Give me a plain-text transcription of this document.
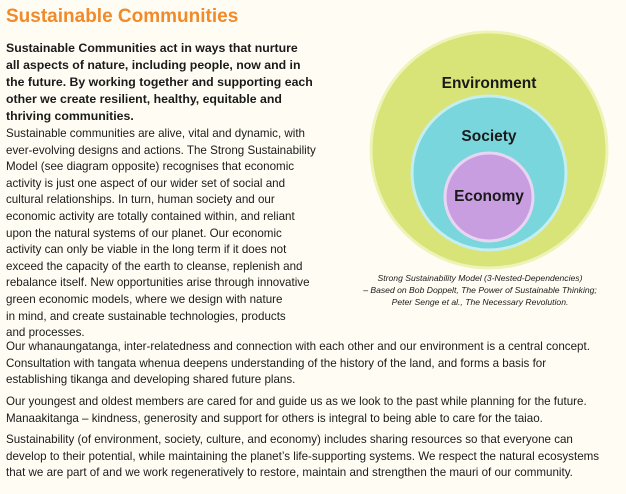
Sustainable Communities
Sustainable Communities act in ways that nurture
all aspects of nature, including people, now and in
the future. By working together and supporting each
other we create resilient, healthy, equitable and
thriving communities.
Sustainable communities are alive, vital and dynamic, with
ever-evolving designs and actions. The Strong Sustainability
Model (see diagram opposite) recognises that economic
activity is just one aspect of our wider set of social and
cultural relationships. In turn, human society and our
economic activity are totally contained within, and reliant
upon the natural systems of our planet. Our economic
activity can only be viable in the long term if it does not
exceed the capacity of the earth to cleanse, replenish and
rebalance itself. New opportunities arise through innovative
green economic models, where we design with nature
in mind, and create sustainable technologies, products
and processes.
Environment
Society
Economy
Strong Sustainability Model (3-Nested-Dependencies)
– Based on Bob Doppelt, The Power of Sustainable Thinking;
Peter Senge et al., The Necessary Revolution.
Our whanaungatanga, inter-relatedness and connection with each other and our environment is a central concept.
Consultation with tangata whenua deepens understanding of the history of the land, and forms a basis for
establishing tikanga and developing shared future plans.
Our youngest and oldest members are cared for and guide us as we look to the past while planning for the future.
Manaakitanga – kindness, generosity and support for others is integral to being able to care for the taiao.
Sustainability (of environment, society, culture, and economy) includes sharing resources so that everyone can
develop to their potential, while maintaining the planet’s life-supporting systems. We respect the natural ecosystems
that we are part of and we work regeneratively to restore, maintain and strengthen the mauri of our community.
